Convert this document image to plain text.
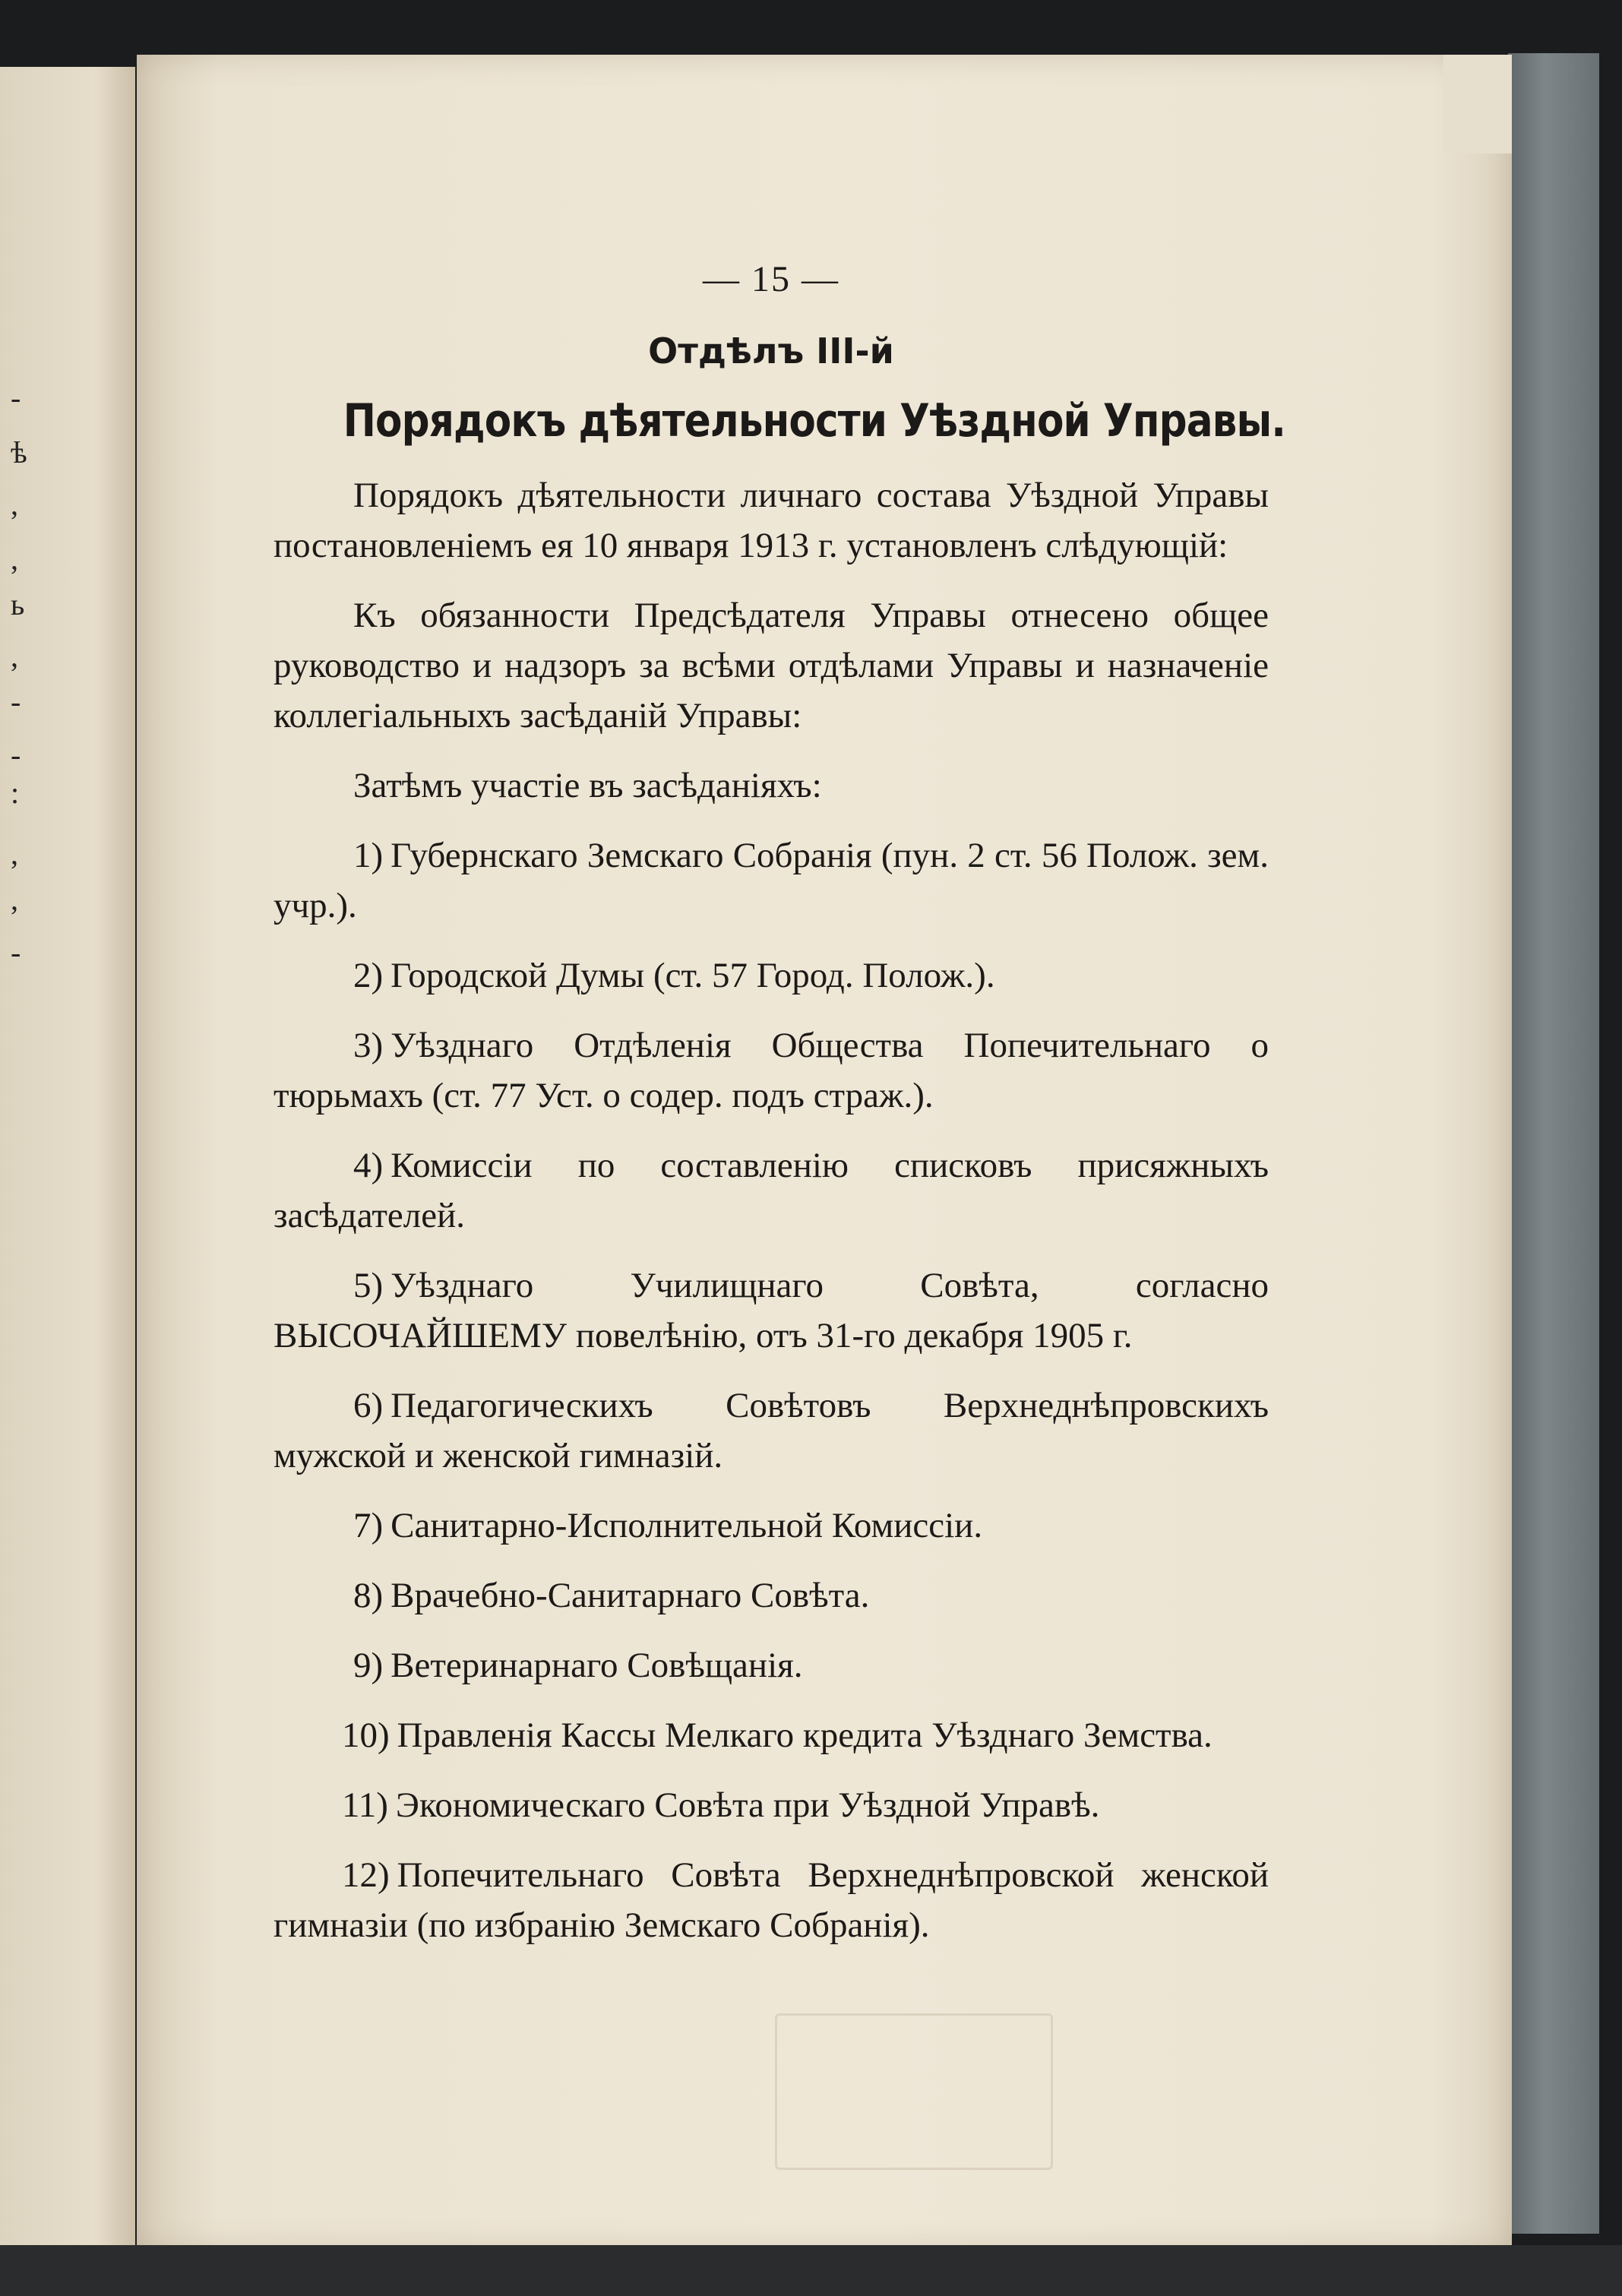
-
ѣ
,
,
ь
,
-
-
:
,
,
-
— 15 —
Отдѣлъ III-й
Порядокъ дѣятельности Уѣздной Управы.

Порядокъ дѣятельности личнаго состава Уѣздной Управы постановленіемъ ея 10 января 1913 г. установленъ слѣдующій:

Къ обязанности Предсѣдателя Управы отнесено общее руководство и надзоръ за всѣми отдѣлами Управы и назначеніе коллегіальныхъ засѣданій Управы:

Затѣмъ участіе въ засѣданіяхъ:

1) Губернскаго Земскаго Собранія (пун. 2 ст. 56 Полож. зем. учр.).

2) Городской Думы (ст. 57 Город. Полож.).

3) Уѣзднаго Отдѣленія Общества Попечительнаго о тюрьмахъ (ст. 77 Уст. о содер. подъ страж.).

4) Комиссіи по составленію списковъ присяжныхъ засѣдателей.

5) Уѣзднаго Училищнаго Совѣта, согласно ВЫСОЧАЙШЕМУ повелѣнію, отъ 31-го декабря 1905 г.

6) Педагогическихъ Совѣтовъ Верхнеднѣпровскихъ мужской и женской гимназій.

7) Санитарно-Исполнительной Комиссіи.

8) Врачебно-Санитарнаго Совѣта.

9) Ветеринарнаго Совѣщанія.

10) Правленія Кассы Мелкаго кредита Уѣзднаго Земства.

11) Экономическаго Совѣта при Уѣздной Управѣ.

12) Попечительнаго Совѣта Верхнеднѣпровской женской гимназіи (по избранію Земскаго Собранія).
